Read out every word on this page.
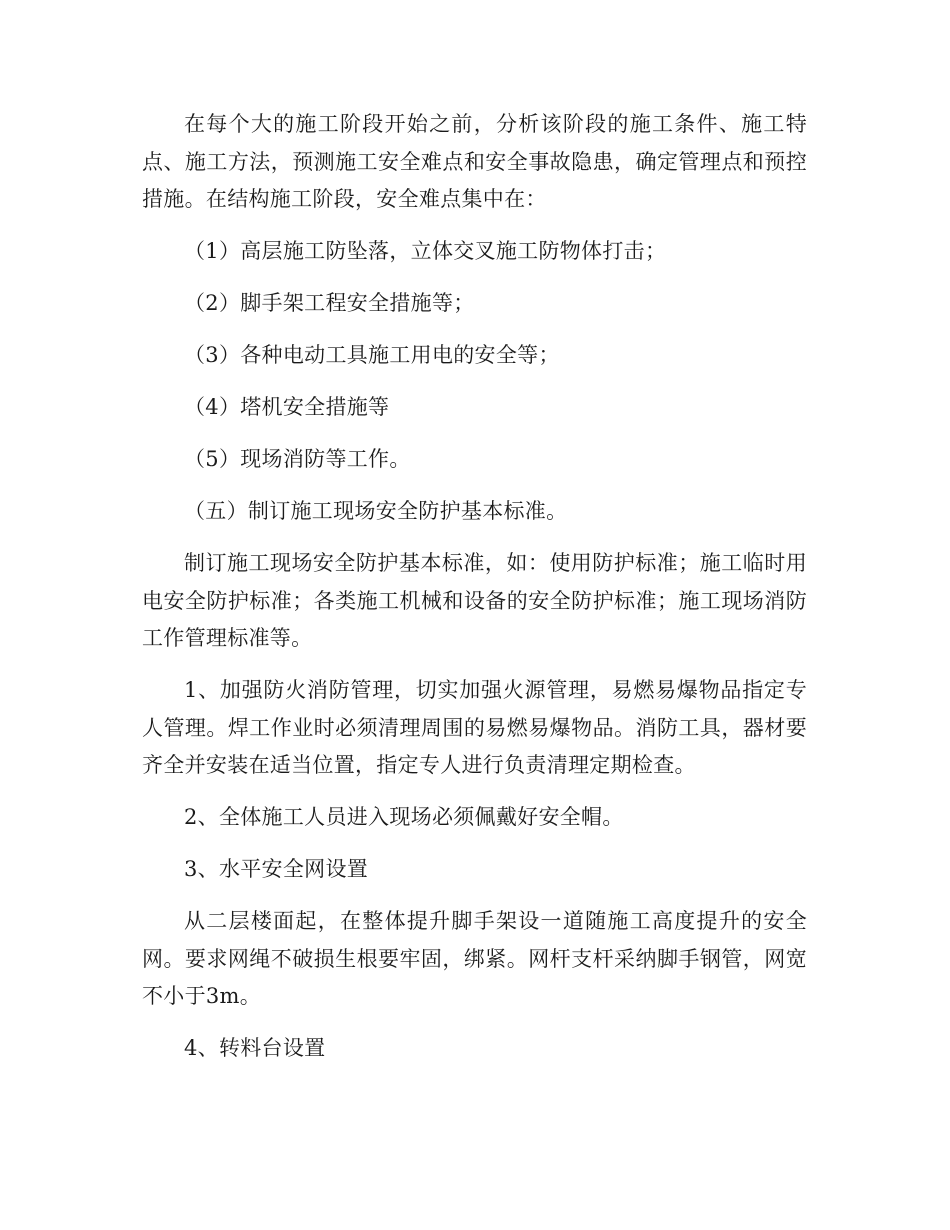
在每个大的施工阶段开始之前，分析该阶段的施工条件、施工特点、施工方法，预测施工安全难点和安全事故隐患，确定管理点和预控措施。在结构施工阶段，安全难点集中在：

（1）高层施工防坠落，立体交叉施工防物体打击；

（2）脚手架工程安全措施等；

（3）各种电动工具施工用电的安全等；

（4）塔机安全措施等

（5）现场消防等工作。

（五）制订施工现场安全防护基本标准。

制订施工现场安全防护基本标准，如：使用防护标准；施工临时用电安全防护标准；各类施工机械和设备的安全防护标准；施工现场消防工作管理标准等。

1、加强防火消防管理，切实加强火源管理，易燃易爆物品指定专人管理。焊工作业时必须清理周围的易燃易爆物品。消防工具，器材要齐全并安装在适当位置，指定专人进行负责清理定期检查。

2、全体施工人员进入现场必须佩戴好安全帽。

3、水平安全网设置

从二层楼面起，在整体提升脚手架设一道随施工高度提升的安全网。要求网绳不破损生根要牢固，绑紧。网杆支杆采纳脚手钢管，网宽不小于3m。

4、转料台设置
